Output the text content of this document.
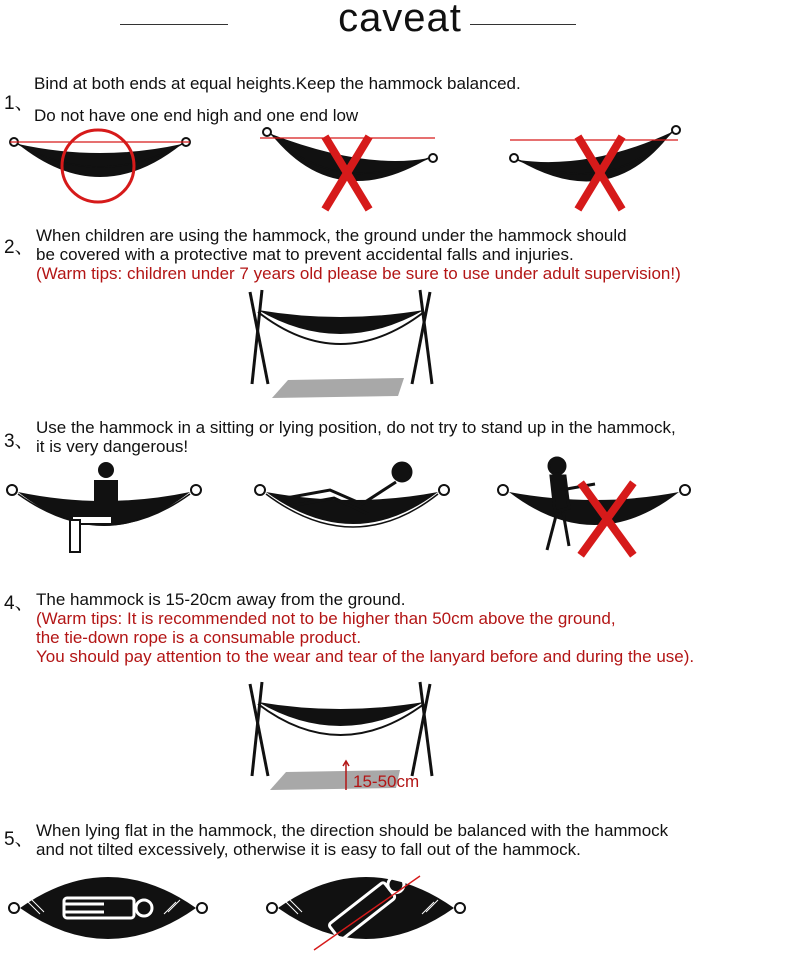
caveat
1、
Bind at both ends at equal heights.Keep the hammock balanced.
Do not have one end high and one end low
2、
When children are using the hammock, the ground under the hammock should
be covered with a protective mat to prevent accidental falls and injuries.
(Warm tips: children under 7 years old please be sure to use under adult supervision!)
3、
Use the hammock in a sitting or lying position, do not try to stand up in the hammock,
it is very dangerous!
4、 The hammock is 15-20cm away from the ground.
(Warm tips: It is recommended not to be higher than 50cm above the ground,
the tie-down rope is a consumable product.
You should pay attention to the wear and tear of the lanyard before and during the use).
15-50cm
5、 When lying flat in the hammock, the direction should be balanced with the hammock
and not tilted excessively, otherwise it is easy to fall out of the hammock.
